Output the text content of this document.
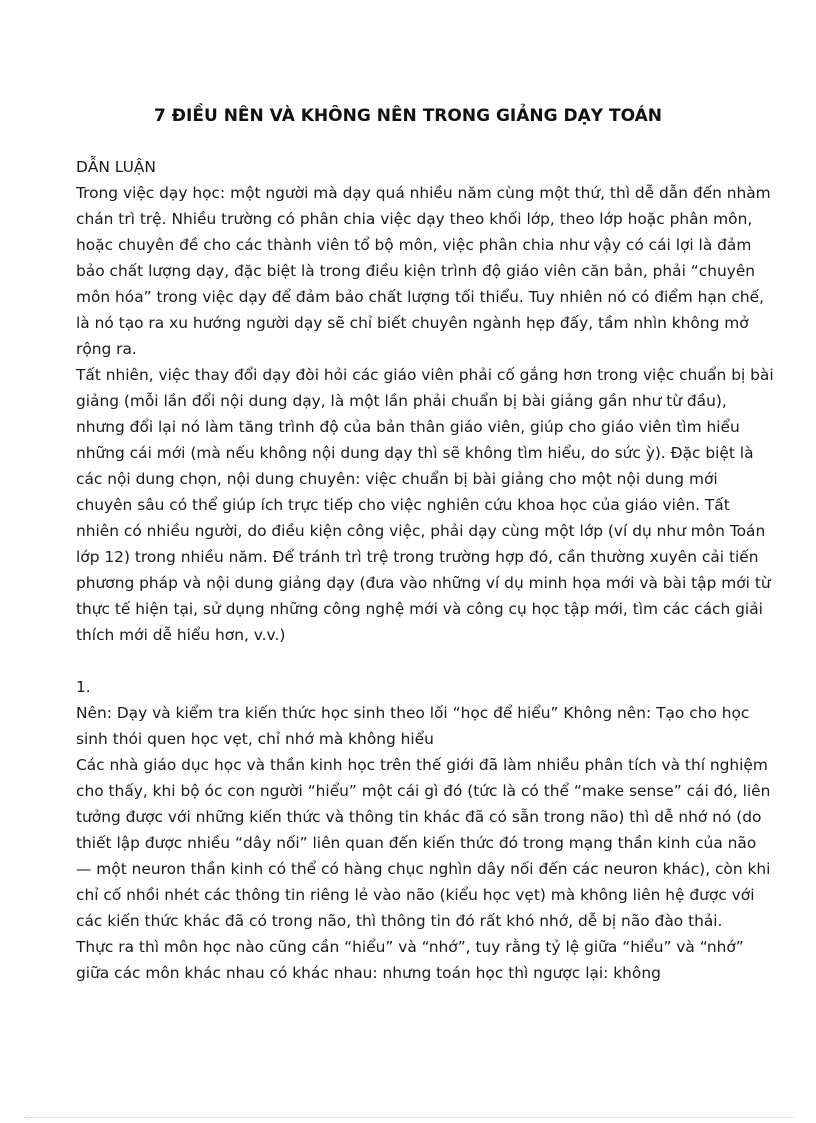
7 ĐIỀU NÊN VÀ KHÔNG NÊN TRONG GIẢNG DẠY TOÁN

DẪN LUẬN

Trong việc dạy học: một người mà dạy quá nhiều năm cùng một thứ, thì dễ dẫn đến nhàm chán trì trệ. Nhiều trường có phân chia việc dạy theo khối lớp, theo lớp hoặc phân môn, hoặc chuyên đề cho các thành viên tổ bộ môn, việc phân chia như vậy có cái lợi là đảm bảo chất lượng dạy, đặc biệt là trong điều kiện trình độ giáo viên căn bản, phải “chuyên môn hóa” trong việc dạy để đảm bảo chất lượng tối thiểu. Tuy nhiên nó có điểm hạn chế, là nó tạo ra xu hướng người dạy sẽ chỉ biết chuyên ngành hẹp đấy, tầm nhìn không mở rộng ra.

Tất nhiên, việc thay đổi dạy đòi hỏi các giáo viên phải cố gắng hơn trong việc chuẩn bị bài giảng (mỗi lần đổi nội dung dạy, là một lần phải chuẩn bị bài giảng gần như từ đầu), nhưng đổi lại nó làm tăng trình độ của bản thân giáo viên, giúp cho giáo viên tìm hiểu những cái mới (mà nếu không nội dung dạy thì sẽ không tìm hiểu, do sức ỳ). Đặc biệt là các nội dung chọn, nội dung chuyên: việc chuẩn bị bài giảng cho một nội dung mới chuyên sâu có thể giúp ích trực tiếp cho việc nghiên cứu khoa học của giáo viên. Tất nhiên có nhiều người, do điều kiện công việc, phải dạy cùng một lớp (ví dụ như môn Toán lớp 12) trong nhiều năm. Để tránh trì trệ trong trường hợp đó, cần thường xuyên cải tiến phương pháp và nội dung giảng dạy (đưa vào những ví dụ minh họa mới và bài tập mới từ thực tế hiện tại, sử dụng những công nghệ mới và công cụ học tập mới, tìm các cách giải thích mới dễ hiểu hơn, v.v.)

1.

Nên: Dạy và kiểm tra kiến thức học sinh theo lối “học để hiểu” Không nên: Tạo cho học sinh thói quen học vẹt, chỉ nhớ mà không hiểu

Các nhà giáo dục học và thần kinh học trên thế giới đã làm nhiều phân tích và thí nghiệm cho thấy, khi bộ óc con người “hiểu” một cái gì đó (tức là có thể “make sense” cái đó, liên tưởng được với những kiến thức và thông tin khác đã có sẵn trong não) thì dễ nhớ nó (do thiết lập được nhiều “dây nối” liên quan đến kiến thức đó trong mạng thần kinh của não — một neuron thần kinh có thể có hàng chục nghìn dây nối đến các neuron khác), còn khi chỉ cố nhồi nhét các thông tin riêng lẻ vào não (kiểu học vẹt) mà không liên hệ được với các kiến thức khác đã có trong não, thì thông tin đó rất khó nhớ, dễ bị não đào thải.

Thực ra thì môn học nào cũng cần “hiểu” và “nhớ”, tuy rằng tỷ lệ giữa “hiểu” và “nhớ” giữa các môn khác nhau có khác nhau: nhưng toán học thì ngược lại: không
